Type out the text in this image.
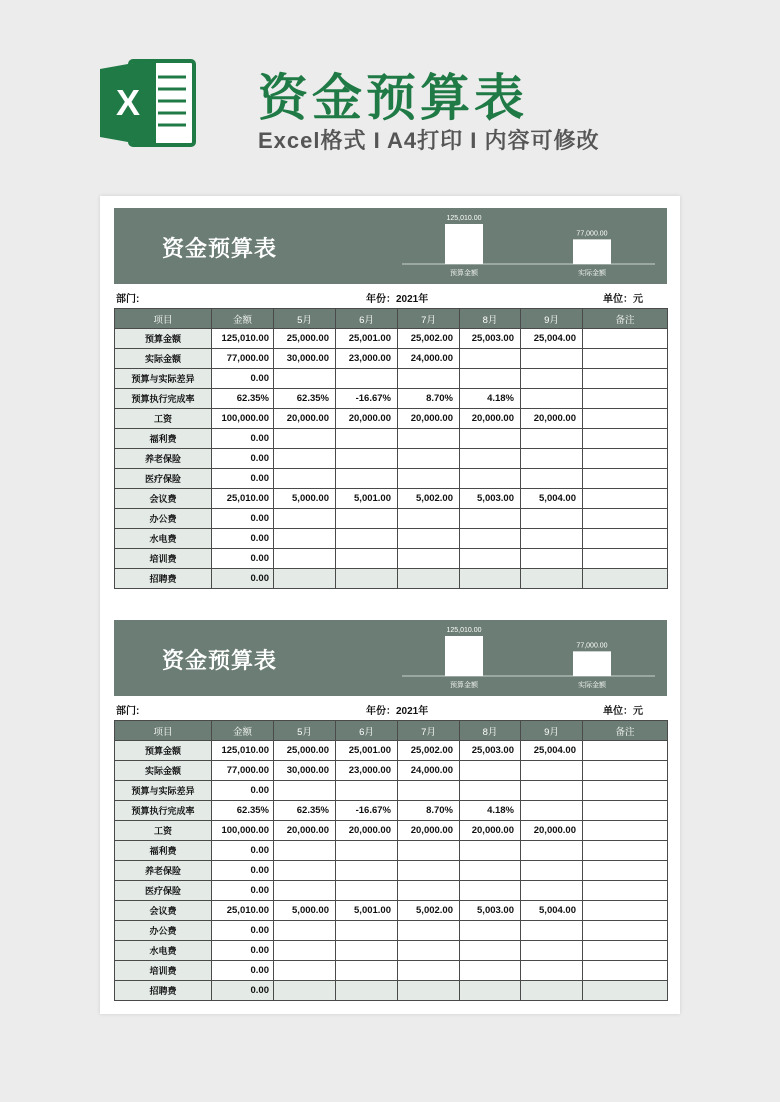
X 资金预算表
Excel格式 I A4打印 I 内容可修改
资金预算表
125,010.00
预算金额
77,000.00
实际金额
部门:	年份：2021年	单位：元
项目	金额	5月	6月	7月	8月	9月	备注
预算金额	125,010.00	25,000.00	25,001.00	25,002.00	25,003.00	25,004.00	
实际金额	77,000.00	30,000.00	23,000.00	24,000.00			
预算与实际差异	0.00						
预算执行完成率	62.35%	62.35%	-16.67%	8.70%	4.18%		
工资	100,000.00	20,000.00	20,000.00	20,000.00	20,000.00	20,000.00	
福利费	0.00						
养老保险	0.00						
医疗保险	0.00						
会议费	25,010.00	5,000.00	5,001.00	5,002.00	5,003.00	5,004.00	
办公费	0.00						
水电费	0.00						
培训费	0.00						
招聘费	0.00						
资金预算表
125,010.00
预算金额
77,000.00
实际金额
部门:	年份：2021年	单位：元
项目	金额	5月	6月	7月	8月	9月	备注
预算金额	125,010.00	25,000.00	25,001.00	25,002.00	25,003.00	25,004.00	
实际金额	77,000.00	30,000.00	23,000.00	24,000.00			
预算与实际差异	0.00						
预算执行完成率	62.35%	62.35%	-16.67%	8.70%	4.18%		
工资	100,000.00	20,000.00	20,000.00	20,000.00	20,000.00	20,000.00	
福利费	0.00						
养老保险	0.00						
医疗保险	0.00						
会议费	25,010.00	5,000.00	5,001.00	5,002.00	5,003.00	5,004.00	
办公费	0.00						
水电费	0.00						
培训费	0.00						
招聘费	0.00						
